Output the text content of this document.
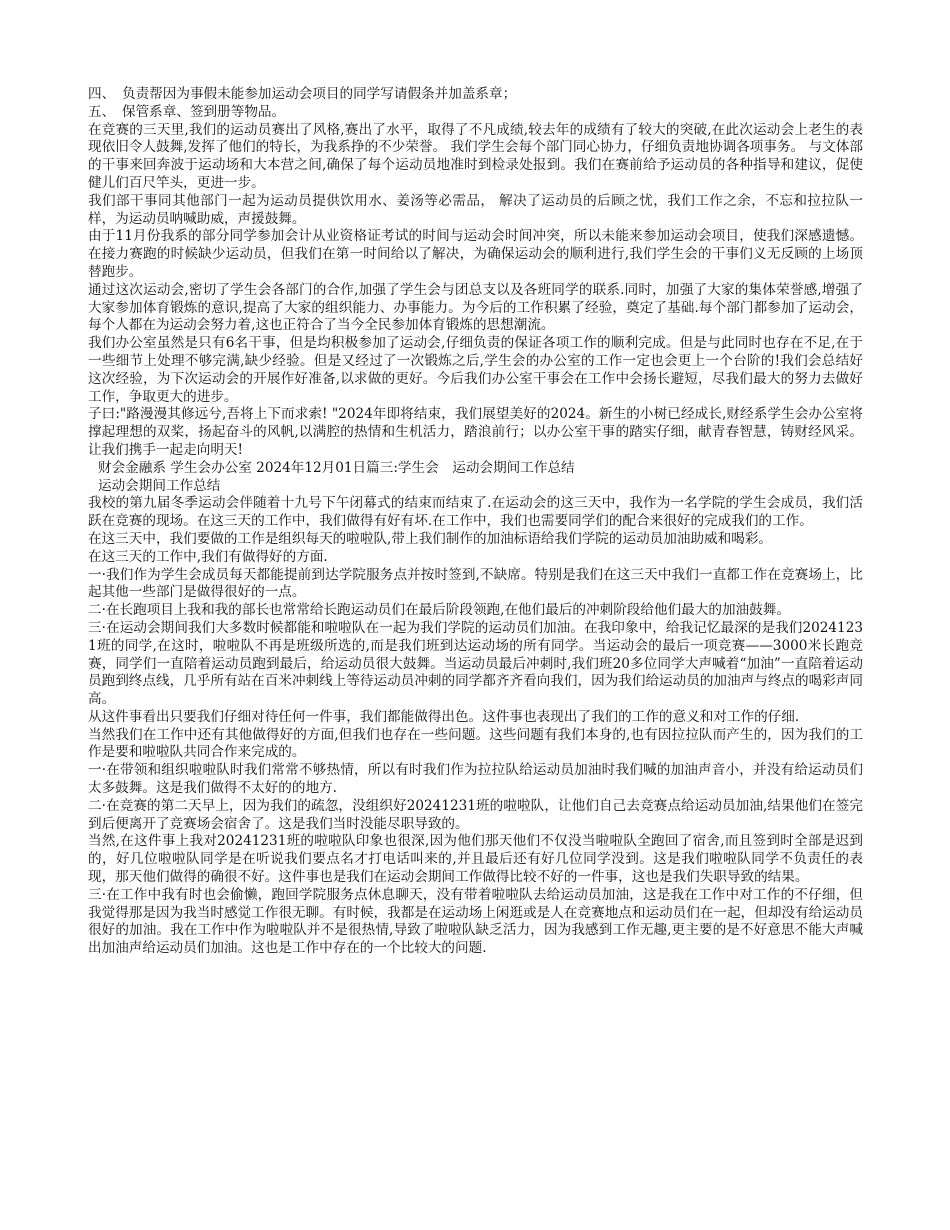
四、　负责帮因为事假未能参加运动会项目的同学写请假条并加盖系章；

五、　保管系章、签到册等物品。

在竞赛的三天里,我们的运动员赛出了风格,赛出了水平，取得了不凡成绩,较去年的成绩有了较大的突破,在此次运动会上老生的表现依旧令人鼓舞,发挥了他们的特长，为我系挣的不少荣誉。 我们学生会每个部门同心协力，仔细负责地协调各项事务。 与文体部的干事来回奔波于运动场和大本营之间,确保了每个运动员地准时到检录处报到。我们在赛前给予运动员的各种指导和建议，促使健儿们百尺竿头，更进一步。

我们部干事同其他部门一起为运动员提供饮用水、姜汤等必需品， 解决了运动员的后顾之忧，我们工作之余，不忘和拉拉队一样，为运动员呐喊助威，声援鼓舞。

由于11月份我系的部分同学参加会计从业资格证考试的时间与运动会时间冲突，所以未能来参加运动会项目，使我们深感遗憾。在接力赛跑的时候缺少运动员，但我们在第一时间给以了解决，为确保运动会的顺利进行,我们学生会的干事们义无反顾的上场顶替跑步。

通过这次运动会,密切了学生会各部门的合作,加强了学生会与团总支以及各班同学的联系.同时，加强了大家的集体荣誉感,增强了大家参加体育锻炼的意识,提高了大家的组织能力、办事能力。为今后的工作积累了经验，奠定了基础.每个部门都参加了运动会，每个人都在为运动会努力着,这也正符合了当今全民参加体育锻炼的思想潮流。

我们办公室虽然是只有6名干事，但是均积极参加了运动会,仔细负责的保证各项工作的顺利完成。但是与此同时也存在不足,在于一些细节上处理不够完满,缺少经验。但是又经过了一次锻炼之后,学生会的办公室的工作一定也会更上一个台阶的!我们会总结好这次经验，为下次运动会的开展作好准备,以求做的更好。今后我们办公室干事会在工作中会扬长避短，尽我们最大的努力去做好工作，争取更大的进步。

子曰:"路漫漫其修远兮,吾将上下而求索! "2024年即将结束，我们展望美好的2024。新生的小树已经成长,财经系学生会办公室将撑起理想的双桨，扬起奋斗的风帆,以满腔的热情和生机活力，踏浪前行；以办公室干事的踏实仔细，献青春智慧，铸财经风采。让我们携手一起走向明天!

财会金融系 学生会办公室 2024年12月01日篇三:学生会　运动会期间工作总结

运动会期间工作总结

我校的第九届冬季运动会伴随着十九号下午闭幕式的结束而结束了.在运动会的这三天中，我作为一名学院的学生会成员，我们活跃在竞赛的现场。在这三天的工作中，我们做得有好有坏.在工作中，我们也需要同学们的配合来很好的完成我们的工作。

在这三天中，我们要做的工作是组织每天的啦啦队,带上我们制作的加油标语给我们学院的运动员加油助威和喝彩。

在这三天的工作中,我们有做得好的方面.

一·我们作为学生会成员每天都能提前到达学院服务点并按时签到,不缺席。特别是我们在这三天中我们一直都工作在竞赛场上，比起其他一些部门是做得很好的一点。

二·在长跑项目上我和我的部长也常常给长跑运动员们在最后阶段领跑,在他们最后的冲刺阶段给他们最大的加油鼓舞。

三·在运动会期间我们大多数时候都能和啦啦队在一起为我们学院的运动员们加油。在我印象中，给我记忆最深的是我们20241231班的同学,在这时，啦啦队不再是班级所选的,而是我们班到达运动场的所有同学。当运动会的最后一项竞赛——3000米长跑竞赛，同学们一直陪着运动员跑到最后，给运动员很大鼓舞。当运动员最后冲刺时,我们班20多位同学大声喊着“加油”一直陪着运动员跑到终点线，几乎所有站在百米冲刺线上等待运动员冲刺的同学都齐齐看向我们，因为我们给运动员的加油声与终点的喝彩声同高。

从这件事看出只要我们仔细对待任何一件事，我们都能做得出色。这件事也表现出了我们的工作的意义和对工作的仔细.

当然我们在工作中还有其他做得好的方面,但我们也存在一些问题。这些问题有我们本身的,也有因拉拉队而产生的，因为我们的工作是要和啦啦队共同合作来完成的。

一·在带领和组织啦啦队时我们常常不够热情，所以有时我们作为拉拉队给运动员加油时我们喊的加油声音小，并没有给运动员们太多鼓舞。这是我们做得不太好的的地方.

二·在竞赛的第二天早上，因为我们的疏忽，没组织好20241231班的啦啦队，让他们自己去竞赛点给运动员加油,结果他们在签完到后便离开了竞赛场会宿舍了。这是我们当时没能尽职导致的。

当然,在这件事上我对20241231班的啦啦队印象也很深,因为他们那天他们不仅没当啦啦队全跑回了宿舍,而且签到时全部是迟到的，好几位啦啦队同学是在听说我们要点名才打电话叫来的,并且最后还有好几位同学没到。这是我们啦啦队同学不负责任的表现，那天他们做得的确很不好。这件事也是我们在运动会期间工作做得比较不好的一件事，这也是我们失职导致的结果。

三·在工作中我有时也会偷懒，跑回学院服务点休息聊天，没有带着啦啦队去给运动员加油，这是我在工作中对工作的不仔细，但我觉得那是因为我当时感觉工作很无聊。有时候，我都是在运动场上闲逛或是人在竞赛地点和运动员们在一起，但却没有给运动员很好的加油。我在工作中作为啦啦队并不是很热情,导致了啦啦队缺乏活力，因为我感到工作无趣,更主要的是不好意思不能大声喊出加油声给运动员们加油。这也是工作中存在的一个比较大的问题.
